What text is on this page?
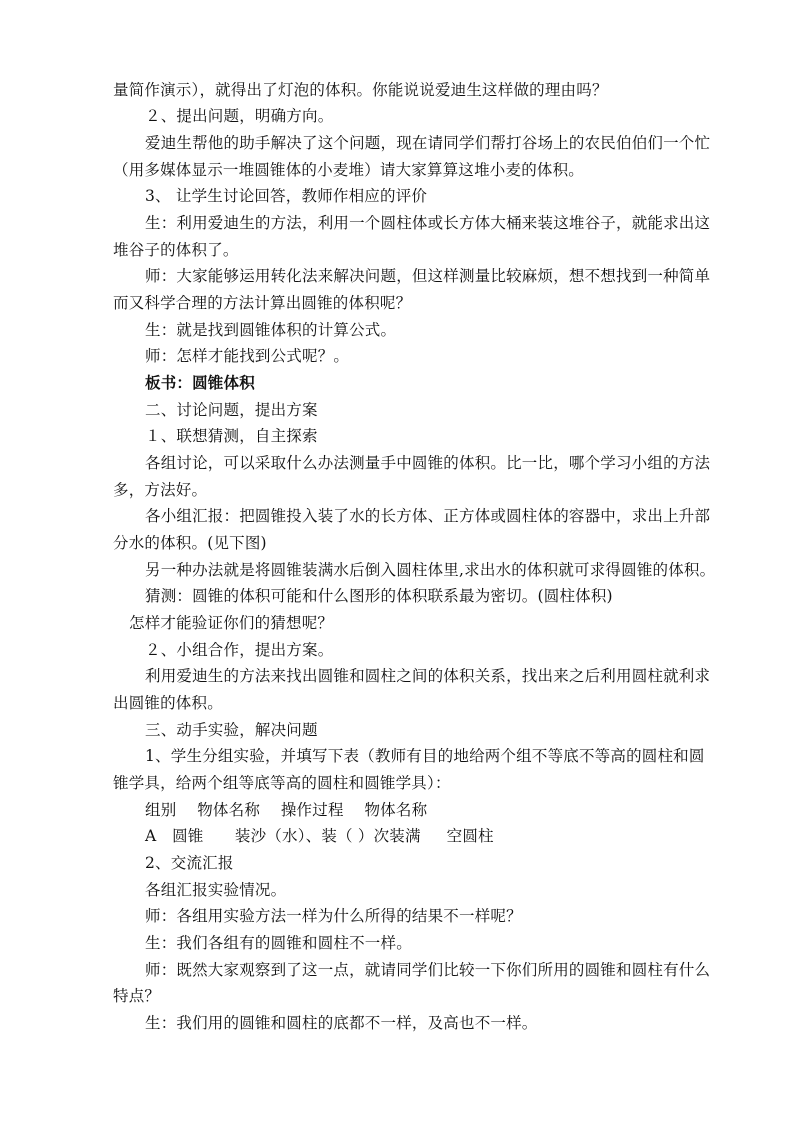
量简作演示），就得出了灯泡的体积。你能说说爱迪生这样做的理由吗？
２、提出问题，明确方向。
爱迪生帮他的助手解决了这个问题，现在请同学们帮打谷场上的农民伯伯们一个忙
（用多媒体显示一堆圆锥体的小麦堆）请大家算算这堆小麦的体积。
3、 让学生讨论回答，教师作相应的评价
生：利用爱迪生的方法，利用一个圆柱体或长方体大桶来装这堆谷子，就能求出这
堆谷子的体积了。
师：大家能够运用转化法来解决问题，但这样测量比较麻烦，想不想找到一种简单
而又科学合理的方法计算出圆锥的体积呢？
生：就是找到圆锥体积的计算公式。
师：怎样才能找到公式呢？。
板书：圆锥体积
二、讨论问题，提出方案
１、联想猜测，自主探索
各组讨论，可以采取什么办法测量手中圆锥的体积。比一比，哪个学习小组的方法
多，方法好。
各小组汇报：把圆锥投入装了水的长方体、正方体或圆柱体的容器中，求出上升部
分水的体积。(见下图)
另一种办法就是将圆锥装满水后倒入圆柱体里,求出水的体积就可求得圆锥的体积。
猜测：圆锥的体积可能和什么图形的体积联系最为密切。(圆柱体积)
怎样才能验证你们的猜想呢？
２、小组合作，提出方案。
利用爱迪生的方法来找出圆锥和圆柱之间的体积关系，找出来之后利用圆柱就利求
出圆锥的体积。
三、动手实验，解决问题
1、学生分组实验，并填写下表（教师有目的地给两个组不等底不等高的圆柱和圆
锥学具，给两个组等底等高的圆柱和圆锥学具）：
组别　 物体名称 　操作过程 　物体名称
A　圆锥　　装沙（水）、装（ ）次装满 　 空圆柱
2、交流汇报
各组汇报实验情况。
师：各组用实验方法一样为什么所得的结果不一样呢？
生：我们各组有的圆锥和圆柱不一样。
师：既然大家观察到了这一点，就请同学们比较一下你们所用的圆锥和圆柱有什么
特点？
生：我们用的圆锥和圆柱的底都不一样，及高也不一样。
